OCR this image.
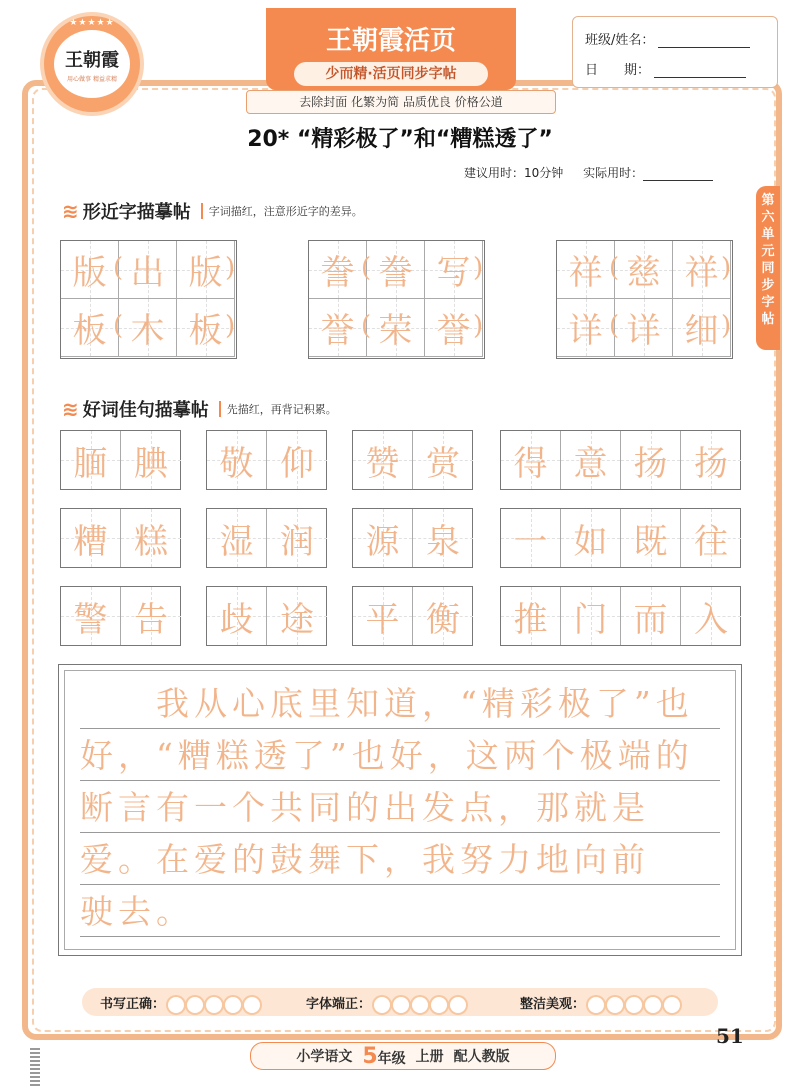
★★★★★
王朝霞
用心做事 精益求精
王朝霞活页
少而精·活页同步字帖
去除封面 化繁为简 品质优良 价格公道
班级/姓名：
日　　期：
20* “精彩极了”和“糟糕透了”
建议用时：10分钟 实际用时：
第六单元同步字帖
≋ 形近字描摹帖	字词描红，注意形近字的差异。
版 出 版
(	)
板 木 板
(	)
誊 誊 写
(	)
誉 荣 誉
(	)
祥 慈 祥
(	)
详 详 细
(	)
≋ 好词佳句描摹帖	先描红，再背记积累。
腼 腆 敬 仰 赞 赏 得 意 扬 扬
糟 糕 湿 润 源 泉 一 如 既 往
警 告 歧 途 平 衡 推 门 而 入
　　我从心底里知道，“精彩极了”也
好，“糟糕透了”也好，这两个极端的
断言有一个共同的出发点，那就是
爱。在爱的鼓舞下，我努力地向前
驶去。
书写正确：	字体端正：	整洁美观：
51
小学语文 5年级 上册 配人教版
